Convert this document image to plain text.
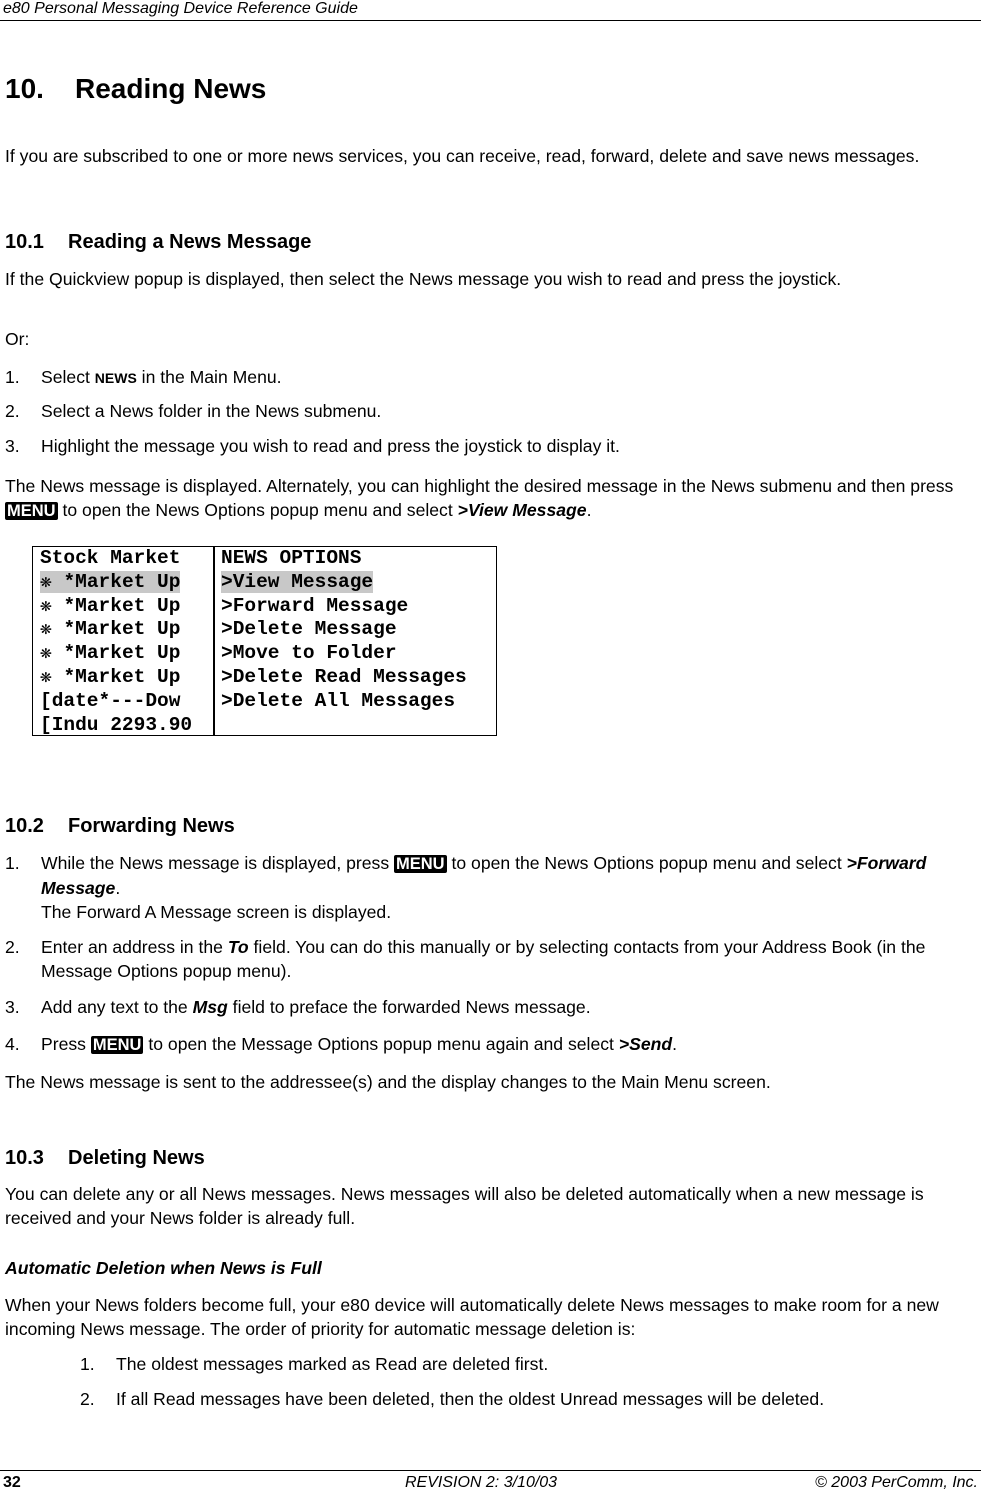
e80 Personal Messaging Device Reference Guide
10. Reading News
If you are subscribed to one or more news services, you can receive, read, forward, delete and save news messages.
10.1 Reading a News Message
If the Quickview popup is displayed, then select the News message you wish to read and press the joystick.
Or:
1. Select NEWS in the Main Menu.
2. Select a News folder in the News submenu.
3. Highlight the message you wish to read and press the joystick to display it.
The News message is displayed. Alternately, you can highlight the desired message in the News submenu and then press MENU to open the News Options popup menu and select >View Message.
Stock Market
❋ *Market Up
❋ *Market Up
❋ *Market Up
❋ *Market Up
❋ *Market Up
[date*---Dow
[Indu 2293.90
NEWS OPTIONS
>View Message
>Forward Message
>Delete Message
>Move to Folder
>Delete Read Messages
>Delete All Messages
10.2 Forwarding News
1. While the News message is displayed, press MENU to open the News Options popup menu and select >Forward Message.
The Forward A Message screen is displayed.
2. Enter an address in the To field. You can do this manually or by selecting contacts from your Address Book (in the Message Options popup menu).
3. Add any text to the Msg field to preface the forwarded News message.
4. Press MENU to open the Message Options popup menu again and select >Send.
The News message is sent to the addressee(s) and the display changes to the Main Menu screen.
10.3 Deleting News
You can delete any or all News messages. News messages will also be deleted automatically when a new message is received and your News folder is already full.
Automatic Deletion when News is Full
When your News folders become full, your e80 device will automatically delete News messages to make room for a new incoming News message. The order of priority for automatic message deletion is:
1. The oldest messages marked as Read are deleted first.
2. If all Read messages have been deleted, then the oldest Unread messages will be deleted.
32	REVISION 2: 3/10/03	© 2003 PerComm, Inc.
